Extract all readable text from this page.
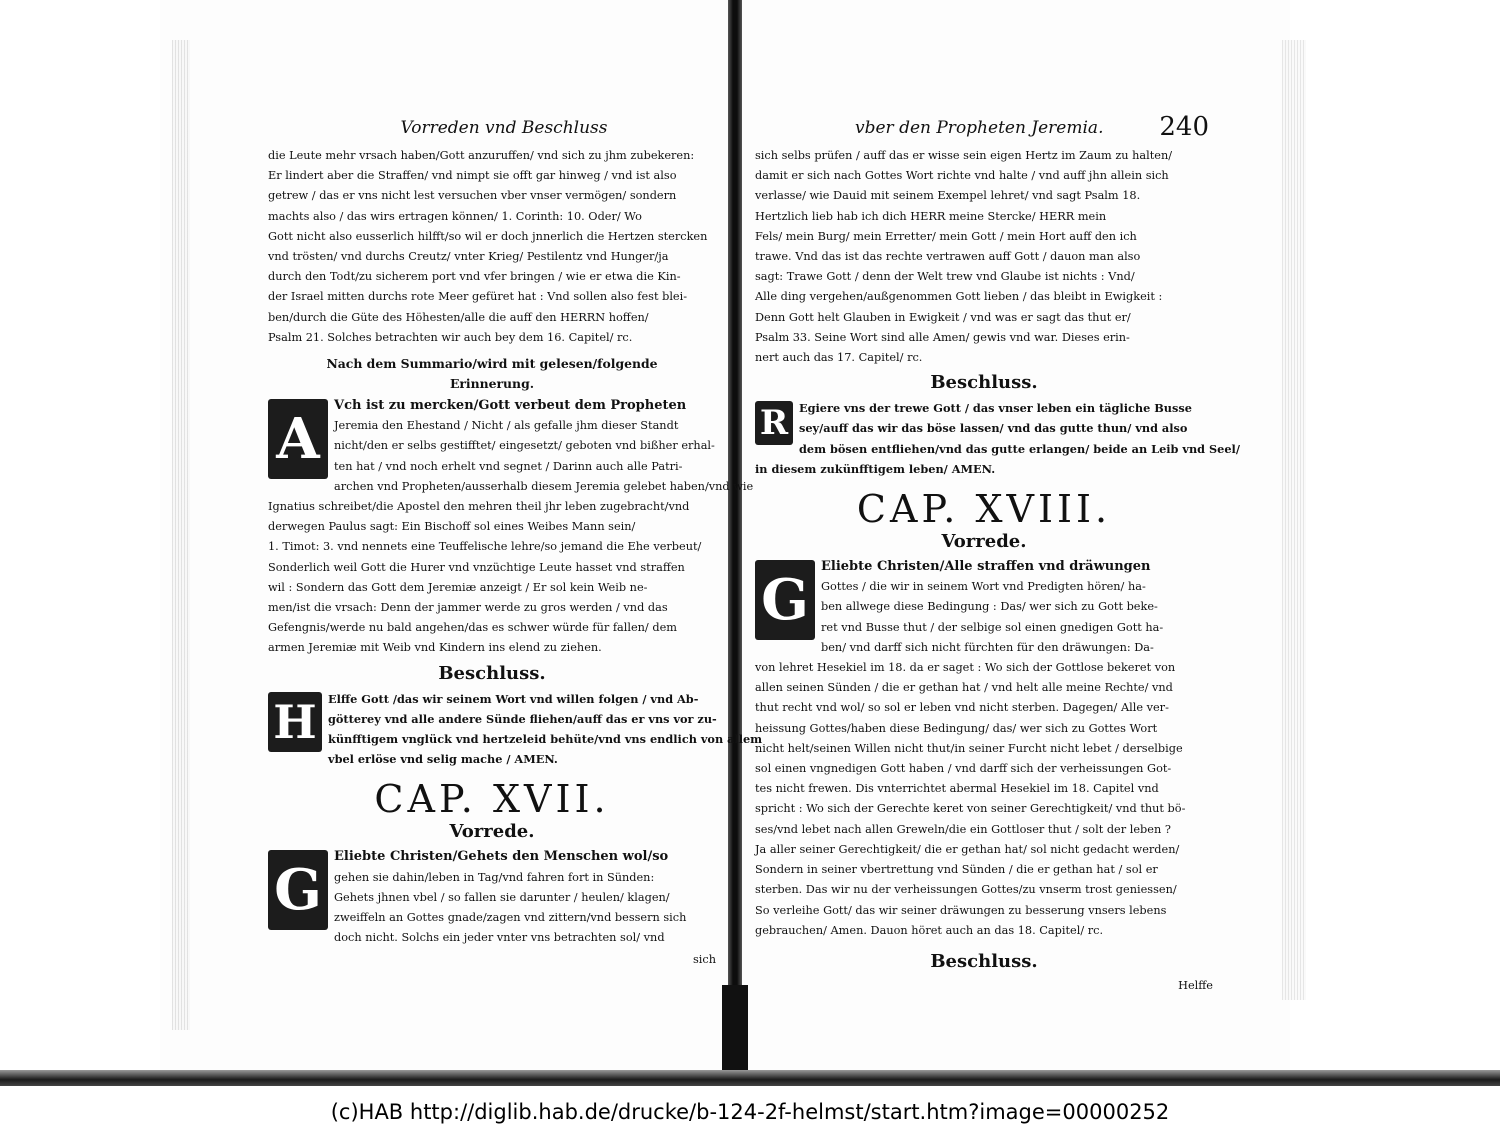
Vorreden vnd Beschluss

die Leute mehr vrsach haben/Gott anzuruffen/ vnd sich zu jhm zubekeren:
Er lindert aber die Straffen/ vnd nimpt sie offt gar hinweg / vnd ist also
getrew / das er vns nicht lest versuchen vber vnser vermögen/ sondern
machts also / das wirs ertragen können/ 1. Corinth: 10. Oder/ Wo
Gott nicht also eusserlich hilfft/so wil er doch jnnerlich die Hertzen stercken
vnd trösten/ vnd durchs Creutz/ vnter Krieg/ Pestilentz vnd Hunger/ja
durch den Todt/zu sicherem port vnd vfer bringen / wie er etwa die Kin-
der Israel mitten durchs rote Meer gefüret hat : Vnd sollen also fest blei-
ben/durch die Güte des Höhesten/alle die auff den HERRN hoffen/
Psalm 21. Solches betrachten wir auch bey dem 16. Capitel/ rc.

Nach dem Summario/wird mit gelesen/folgende
Erinnerung.
A

Vch ist zu mercken/Gott verbeut dem Propheten
Jeremia den Ehestand / Nicht / als gefalle jhm dieser Standt
nicht/den er selbs gestifftet/ eingesetzt/ geboten vnd bißher erhal-
ten hat / vnd noch erhelt vnd segnet / Darinn auch alle Patri-
archen vnd Propheten/ausserhalb diesem Jeremia gelebet haben/vnd wie
Ignatius schreibet/die Apostel den mehren theil jhr leben zugebracht/vnd
derwegen Paulus sagt: Ein Bischoff sol eines Weibes Mann sein/
1. Timot: 3. vnd nennets eine Teuffelische lehre/so jemand die Ehe verbeut/
Sonderlich weil Gott die Hurer vnd vnzüchtige Leute hasset vnd straffen
wil : Sondern das Gott dem Jeremiæ anzeigt / Er sol kein Weib ne-
men/ist die vrsach: Denn der jammer werde zu gros werden / vnd das
Gefengnis/werde nu bald angehen/das es schwer würde für fallen/ dem
armen Jeremiæ mit Weib vnd Kindern ins elend zu ziehen.

Beschluss.
H Elffe Gott /das wir seinem Wort vnd willen folgen / vnd Ab-
götterey vnd alle andere Sünde fliehen/auff das er vns vor zu-
künfftigem vnglück vnd hertzeleid behüte/vnd vns endlich von allem
vbel erlöse vnd selig mache / AMEN.

CAP. XVII.
Vorrede.
G

Eliebte Christen/Gehets den Menschen wol/so
gehen sie dahin/leben in Tag/vnd fahren fort in Sünden:
Gehets jhnen vbel / so fallen sie darunter / heulen/ klagen/
zweiffeln an Gottes gnade/zagen vnd zittern/vnd bessern sich
doch nicht. Solchs ein jeder vnter vns betrachten sol/ vnd

sich
vber den Propheten Jeremia.	240

sich selbs prüfen / auff das er wisse sein eigen Hertz im Zaum zu halten/
damit er sich nach Gottes Wort richte vnd halte / vnd auff jhn allein sich
verlasse/ wie Dauid mit seinem Exempel lehret/ vnd sagt Psalm 18.
Hertzlich lieb hab ich dich HERR meine Stercke/ HERR mein
Fels/ mein Burg/ mein Erretter/ mein Gott / mein Hort auff den ich
trawe. Vnd das ist das rechte vertrawen auff Gott / dauon man also
sagt: Trawe Gott / denn der Welt trew vnd Glaube ist nichts : Vnd/
Alle ding vergehen/außgenommen Gott lieben / das bleibt in Ewigkeit :
Denn Gott helt Glauben in Ewigkeit / vnd was er sagt das thut er/
Psalm 33. Seine Wort sind alle Amen/ gewis vnd war. Dieses erin-
nert auch das 17. Capitel/ rc.

Beschluss.
R Egiere vns der trewe Gott / das vnser leben ein tägliche Busse
sey/auff das wir das böse lassen/ vnd das gutte thun/ vnd also
dem bösen entfliehen/vnd das gutte erlangen/ beide an Leib vnd Seel/
in diesem zukünfftigem leben/ AMEN.

CAP. XVIII.
Vorrede.
G

Eliebte Christen/Alle straffen vnd dräwungen
Gottes / die wir in seinem Wort vnd Predigten hören/ ha-
ben allwege diese Bedingung : Das/ wer sich zu Gott beke-
ret vnd Busse thut / der selbige sol einen gnedigen Gott ha-
ben/ vnd darff sich nicht fürchten für den dräwungen: Da-
von lehret Hesekiel im 18. da er saget : Wo sich der Gottlose bekeret von
allen seinen Sünden / die er gethan hat / vnd helt alle meine Rechte/ vnd
thut recht vnd wol/ so sol er leben vnd nicht sterben. Dagegen/ Alle ver-
heissung Gottes/haben diese Bedingung/ das/ wer sich zu Gottes Wort
nicht helt/seinen Willen nicht thut/in seiner Furcht nicht lebet / derselbige
sol einen vngnedigen Gott haben / vnd darff sich der verheissungen Got-
tes nicht frewen. Dis vnterrichtet abermal Hesekiel im 18. Capitel vnd
spricht : Wo sich der Gerechte keret von seiner Gerechtigkeit/ vnd thut bö-
ses/vnd lebet nach allen Greweln/die ein Gottloser thut / solt der leben ?
Ja aller seiner Gerechtigkeit/ die er gethan hat/ sol nicht gedacht werden/
Sondern in seiner vbertrettung vnd Sünden / die er gethan hat / sol er
sterben. Das wir nu der verheissungen Gottes/zu vnserm trost geniessen/
So verleihe Gott/ das wir seiner dräwungen zu besserung vnsers lebens
gebrauchen/ Amen. Dauon höret auch an das 18. Capitel/ rc.

Beschluss.
Helffe
(c)HAB http://diglib.hab.de/drucke/b-124-2f-helmst/start.htm?image=00000252
